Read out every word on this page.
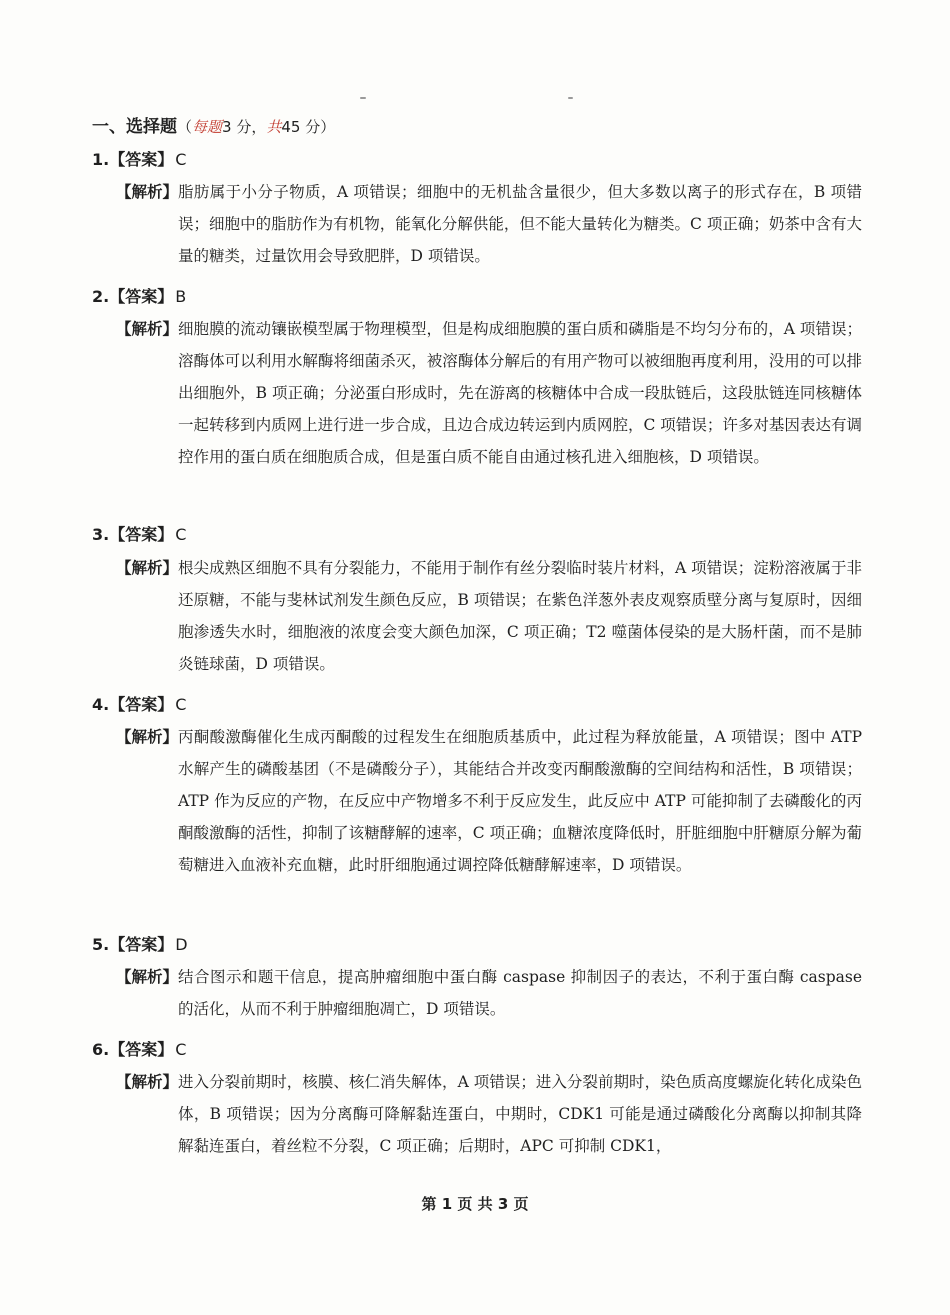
一、选择题（每题3 分，共45 分）
1.【答案】 C
【解析】 脂肪属于小分子物质，A 项错误；细胞中的无机盐含量很少，但大多数以离子的形式存在，B 项错误；细胞中的脂肪作为有机物，能氧化分解供能，但不能大量转化为糖类。C 项正确；奶茶中含有大量的糖类，过量饮用会导致肥胖，D 项错误。
2.【答案】 B
【解析】 细胞膜的流动镶嵌模型属于物理模型，但是构成细胞膜的蛋白质和磷脂是不均匀分布的，A 项错误；溶酶体可以利用水解酶将细菌杀灭，被溶酶体分解后的有用产物可以被细胞再度利用，没用的可以排出细胞外，B 项正确；分泌蛋白形成时，先在游离的核糖体中合成一段肽链后，这段肽链连同核糖体一起转移到内质网上进行进一步合成，且边合成边转运到内质网腔，C 项错误；许多对基因表达有调控作用的蛋白质在细胞质合成，但是蛋白质不能自由通过核孔进入细胞核，D 项错误。
3.【答案】 C
【解析】 根尖成熟区细胞不具有分裂能力，不能用于制作有丝分裂临时装片材料，A 项错误；淀粉溶液属于非还原糖，不能与斐林试剂发生颜色反应，B 项错误；在紫色洋葱外表皮观察质壁分离与复原时，因细胞渗透失水时，细胞液的浓度会变大颜色加深，C 项正确；T2 噬菌体侵染的是大肠杆菌，而不是肺炎链球菌，D 项错误。
4.【答案】 C
【解析】 丙酮酸激酶催化生成丙酮酸的过程发生在细胞质基质中，此过程为释放能量，A 项错误；图中 ATP 水解产生的磷酸基团（不是磷酸分子），其能结合并改变丙酮酸激酶的空间结构和活性，B 项错误；ATP 作为反应的产物，在反应中产物增多不利于反应发生，此反应中 ATP 可能抑制了去磷酸化的丙酮酸激酶的活性，抑制了该糖酵解的速率，C 项正确；血糖浓度降低时，肝脏细胞中肝糖原分解为葡萄糖进入血液补充血糖，此时肝细胞通过调控降低糖酵解速率，D 项错误。
5.【答案】 D
【解析】 结合图示和题干信息，提高肿瘤细胞中蛋白酶 caspase 抑制因子的表达，不利于蛋白酶 caspase 的活化，从而不利于肿瘤细胞凋亡，D 项错误。
6.【答案】 C
【解析】 进入分裂前期时，核膜、核仁消失解体，A 项错误；进入分裂前期时，染色质高度螺旋化转化成染色体，B 项错误；因为分离酶可降解黏连蛋白，中期时，CDK1 可能是通过磷酸化分离酶以抑制其降解黏连蛋白，着丝粒不分裂，C 项正确；后期时，APC 可抑制 CDK1，
第 1 页 共 3 页
